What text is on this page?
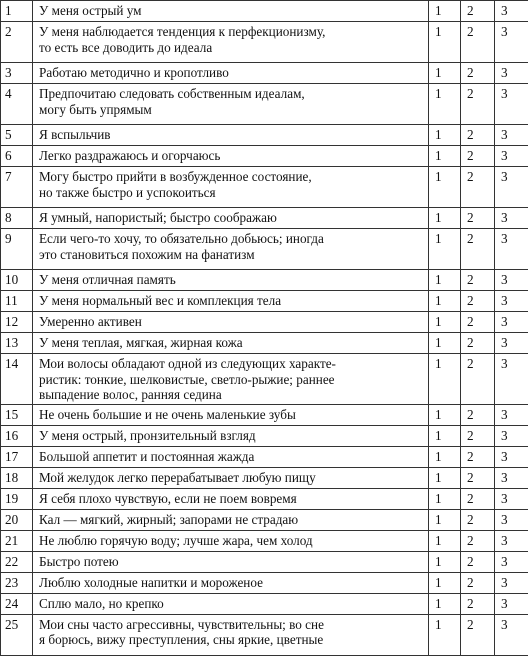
1	У меня острый ум	1	2	3
2	У меня наблюдается тенденция к перфекционизму,
то есть все доводить до идеала	1	2	3
3	Работаю методично и кропотливо	1	2	3
4	Предпочитаю следовать собственным идеалам,
могу быть упрямым	1	2	3
5	Я вспыльчив	1	2	3
6	Легко раздражаюсь и огорчаюсь	1	2	3
7	Могу быстро прийти в возбужденное состояние,
но также быстро и успокоиться	1	2	3
8	Я умный, напористый; быстро соображаю	1	2	3
9	Если чего-то хочу, то обязательно добьюсь; иногда
это становиться похожим на фанатизм	1	2	3
10	У меня отличная память	1	2	3
11	У меня нормальный вес и комплекция тела	1	2	3
12	Умеренно активен	1	2	3
13	У меня теплая, мягкая, жирная кожа	1	2	3
14	Мои волосы обладают одной из следующих характе-
ристик: тонкие, шелковистые, светло-рыжие; раннее
выпадение волос, ранняя седина	1	2	3
15	Не очень большие и не очень маленькие зубы	1	2	3
16	У меня острый, пронзительный взгляд	1	2	3
17	Большой аппетит и постоянная жажда	1	2	3
18	Мой желудок легко перерабатывает любую пищу	1	2	3
19	Я себя плохо чувствую, если не поем вовремя	1	2	3
20	Кал — мягкий, жирный; запорами не страдаю	1	2	3
21	Не люблю горячую воду; лучше жара, чем холод	1	2	3
22	Быстро потею	1	2	3
23	Люблю холодные напитки и мороженое	1	2	3
24	Сплю мало, но крепко	1	2	3
25	Мои сны часто агрессивны, чувствительны; во сне
я борюсь, вижу преступления, сны яркие, цветные	1	2	3
